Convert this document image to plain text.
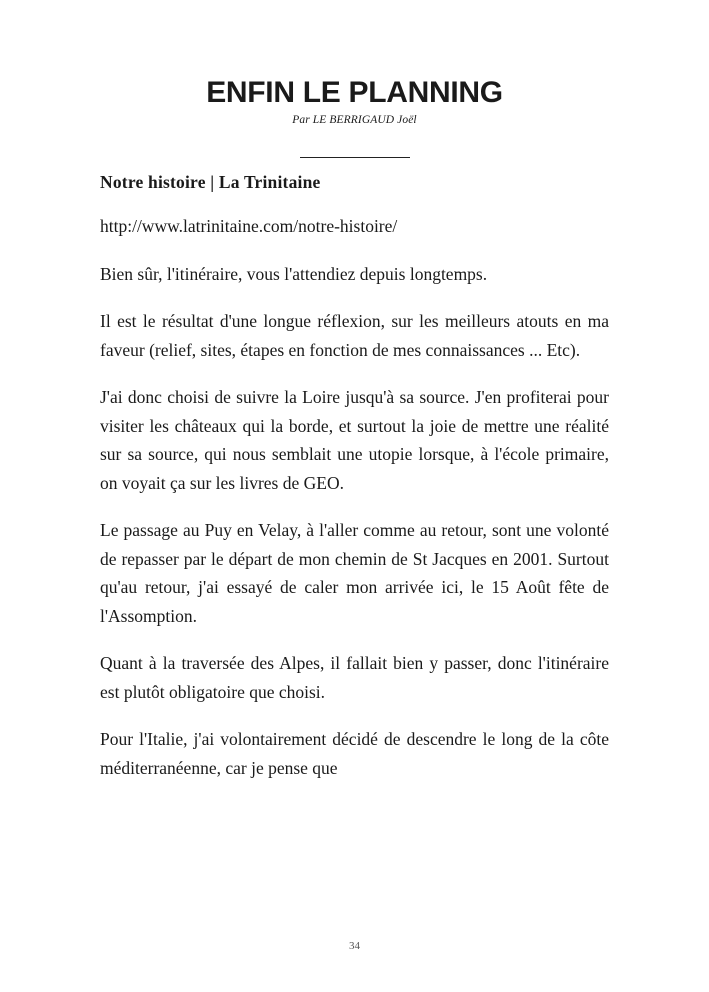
ENFIN LE PLANNING
Par LE BERRIGAUD Joël
Notre histoire | La Trinitaine

http://www.latrinitaine.com/notre-histoire/

Bien sûr, l'itinéraire, vous l'attendiez depuis longtemps.

Il est le résultat d'une longue réflexion, sur les meilleurs atouts en ma faveur (relief, sites, étapes en fonction de mes connaissances ... Etc).

J'ai donc choisi de suivre la Loire jusqu'à sa source. J'en profiterai pour visiter les châteaux qui la borde, et surtout la joie de mettre une réalité sur sa source, qui nous semblait une utopie lorsque, à l'école primaire, on voyait ça sur les livres de GEO.

Le passage au Puy en Velay, à l'aller comme au retour, sont une volonté de repasser par le départ de mon chemin de St Jacques en 2001. Surtout qu'au retour, j'ai essayé de caler mon arrivée ici, le 15 Août fête de l'Assomption.

Quant à la traversée des Alpes, il fallait bien y passer, donc l'itinéraire est plutôt obligatoire que choisi.

Pour l'Italie, j'ai volontairement décidé de descendre le long de la côte méditerranéenne, car je pense que

34
